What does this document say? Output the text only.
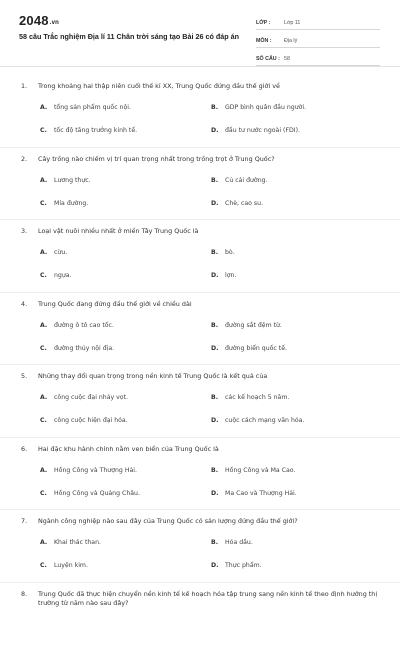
2048.vn
58 câu Trắc nghiệm Địa lí 11 Chân trời sáng tạo Bài 26 có đáp án
LỚP :	Lớp 11
MÔN :	Địa lý
SỐ CÂU : 58
1. Trong khoảng hai thập niên cuối thế kỉ XX, Trung Quốc đứng đầu thế giới về
A. tổng sản phẩm quốc nội.	B. GDP bình quân đầu người.
C. tốc độ tăng trưởng kinh tế.	D. đầu tư nước ngoài (FDI).
2. Cây trồng nào chiếm vị trí quan trọng nhất trong trồng trọt ở Trung Quốc?
A. Lương thực.	B. Củ cải đường.
C. Mía đường.	D. Chè, cao su.
3. Loại vật nuôi nhiều nhất ở miền Tây Trung Quốc là
A. cừu.	B. bò.
C. ngựa.	D. lợn.
4. Trung Quốc đang đứng đầu thế giới về chiều dài
A. đường ô tô cao tốc.	B. đường sắt đệm từ.
C. đường thủy nội địa.	D. đường biển quốc tế.
5. Những thay đổi quan trọng trong nền kinh tế Trung Quốc là kết quả của
A. công cuộc đại nhảy vọt.	B. các kế hoạch 5 năm.
C. công cuộc hiện đại hóa.	D. cuộc cách mạng văn hóa.
6. Hai đặc khu hành chính nằm ven biển của Trung Quốc là
A. Hồng Công và Thượng Hải.	B. Hồng Công và Ma Cao.
C. Hồng Công và Quảng Châu.	D. Ma Cao và Thượng Hải.
7. Ngành công nghiệp nào sau đây của Trung Quốc có sản lượng đứng đầu thế giới?
A. Khai thác than.	B. Hóa dầu.
C. Luyện kim.	D. Thực phẩm.
8. Trung Quốc đã thực hiện chuyển nền kinh tế kế hoạch hóa tập trung sang nền kinh tế theo định hướng thị trường từ năm nào sau đây?
